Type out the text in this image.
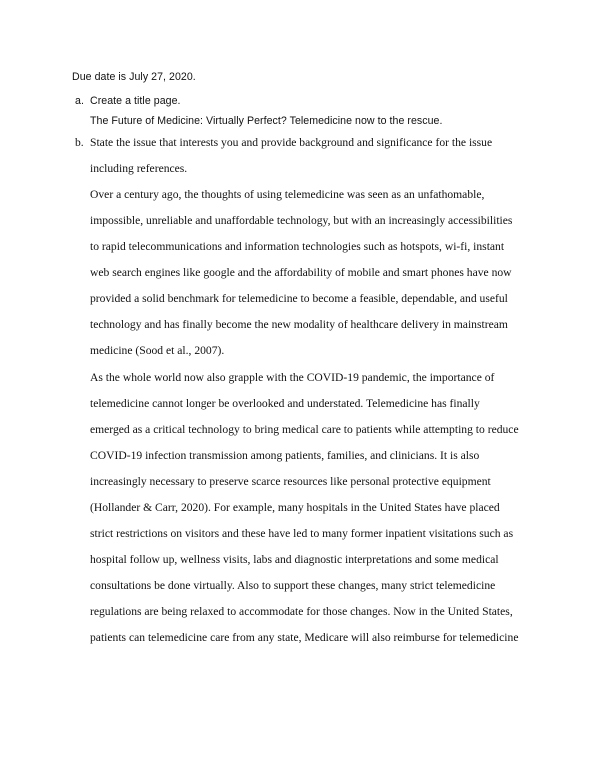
Due date is July 27, 2020.
a. Create a title page.
The Future of Medicine: Virtually Perfect? Telemedicine now to the rescue.
b. State the issue that interests you and provide background and significance for the issue
including references.
Over a century ago, the thoughts of using telemedicine was seen as an unfathomable,
impossible, unreliable and unaffordable technology, but with an increasingly accessibilities
to rapid telecommunications and information technologies such as hotspots, wi-fi, instant
web search engines like google and the affordability of mobile and smart phones have now
provided a solid benchmark for telemedicine to become a feasible, dependable, and useful
technology and has finally become the new modality of healthcare delivery in mainstream
medicine (Sood et al., 2007).
As the whole world now also grapple with the COVID-19 pandemic, the importance of
telemedicine cannot longer be overlooked and understated. Telemedicine has finally
emerged as a critical technology to bring medical care to patients while attempting to reduce
COVID-19 infection transmission among patients, families, and clinicians. It is also
increasingly necessary to preserve scarce resources like personal protective equipment
(Hollander & Carr, 2020). For example, many hospitals in the United States have placed
strict restrictions on visitors and these have led to many former inpatient visitations such as
hospital follow up, wellness visits, labs and diagnostic interpretations and some medical
consultations be done virtually. Also to support these changes, many strict telemedicine
regulations are being relaxed to accommodate for those changes. Now in the United States,
patients can telemedicine care from any state, Medicare will also reimburse for telemedicine
